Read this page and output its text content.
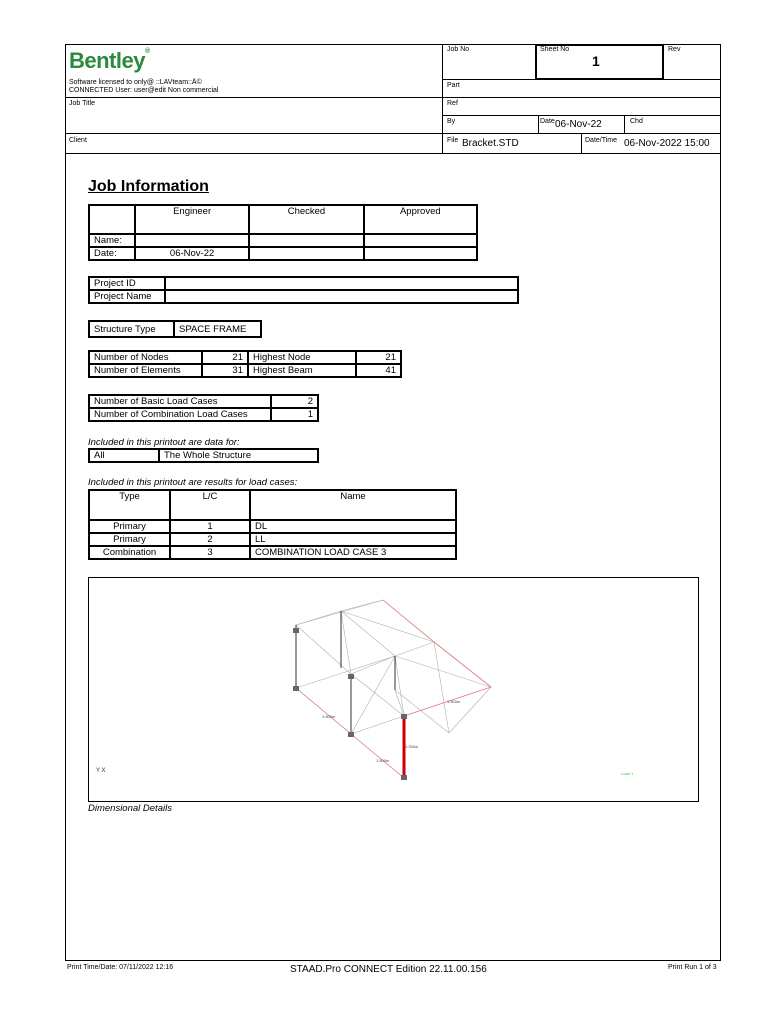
Bentley®
Software licensed to only@ ::LAVteam::Ä©
CONNECTED User: user@edit Non commercial
Job Title
Client
Job No	Sheet No
1
Rev
Part
Ref
By	Date 06-Nov-22	Chd
File Bracket.STD	Date/Time 06-Nov-2022 15:00
Job Information
	Engineer	Checked	Approved
Name:			
Date:	06-Nov-22		
Project ID	
Project Name	
Structure Type	SPACE FRAME
Number of Nodes	21	Highest Node	21
Number of Elements	31	Highest Beam	41
Number of Basic Load Cases	2
Number of Combination Load Cases	1
Included in this printout are data for:
All	The Whole Structure
Included in this printout are results for load cases:
Type	L/C	Name
Primary	1	DL
Primary	2	LL
Combination	3	COMBINATION LOAD CASE 3
1.500m
1.500m
1.500m
1.250m
Load 1
Y X
Dimensional Details
Print Time/Date: 07/11/2022 12:16	STAAD.Pro CONNECT Edition 22.11.00.156	Print Run 1 of 3
